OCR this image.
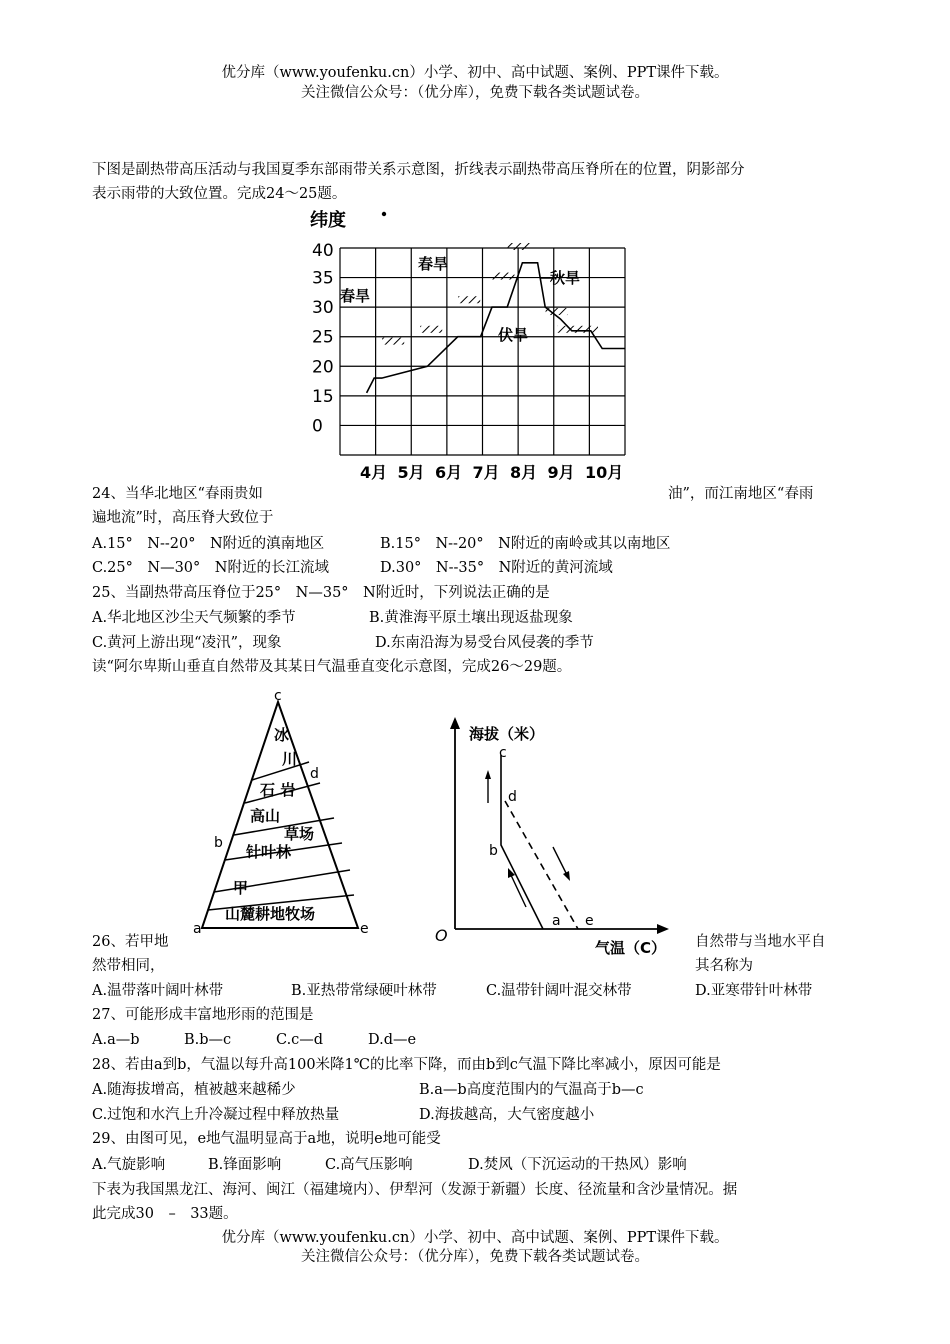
优分库（www.youfenku.cn）小学、初中、高中试题、案例、PPT课件下载。
关注微信公众号：（优分库），免费下载各类试题试卷。
下图是副热带高压活动与我国夏季东部雨带关系示意图，折线表示副热带高压脊所在的位置，阴影部分
表示雨带的大致位置。完成24～25题。
纬度
40
35
30
25
20
15
0
4月 5月 6月 7月 8月 9月 10月
春旱
春旱
伏旱
秋旱
24、当华北地区“春雨贵如	油”，而江南地区“春雨
遍地流”时，高压脊大致位于
A.15°　N--20°　N附近的滇南地区	B.15°　N--20°　N附近的南岭或其以南地区
C.25°　N—30°　N附近的长江流域	D.30°　N--35°　N附近的黄河流域
25、当副热带高压脊位于25°　N—35°　N附近时，下列说法正确的是
A.华北地区沙尘天气频繁的季节	B.黄淮海平原土壤出现返盐现象
C.黄河上游出现“凌汛”，现象	D.东南沿海为易受台风侵袭的季节
读“阿尔卑斯山垂直自然带及其某日气温垂直变化示意图，完成26～29题。
冰
川
石 岩
高山
草场
针叶林
甲
山麓耕地牧场
c
d
b
a	e
海拔（米）
气温（C）
O
c
d
b
a e
26、若甲地	自然带与当地水平自
然带相同，	其名称为
A.温带落叶阔叶林带	B.亚热带常绿硬叶林带	C.温带针阔叶混交林带	D.亚寒带针叶林带
27、可能形成丰富地形雨的范围是
A.a—b	B.b—c	C.c—d	D.d—e
28、若由a到b，气温以每升高100米降1℃的比率下降，而由b到c气温下降比率减小，原因可能是
A.随海拔增高，植被越来越稀少	B.a—b高度范围内的气温高于b—c
C.过饱和水汽上升冷凝过程中释放热量	D.海拔越高，大气密度越小
29、由图可见，e地气温明显高于a地，说明e地可能受
A.气旋影响	B.锋面影响	C.高气压影响	D.焚风（下沉运动的干热风）影响
下表为我国黑龙江、海河、闽江（福建境内）、伊犁河（发源于新疆）长度、径流量和含沙量情况。据
此完成30　–　33题。
优分库（www.youfenku.cn）小学、初中、高中试题、案例、PPT课件下载。
关注微信公众号：（优分库），免费下载各类试题试卷。
